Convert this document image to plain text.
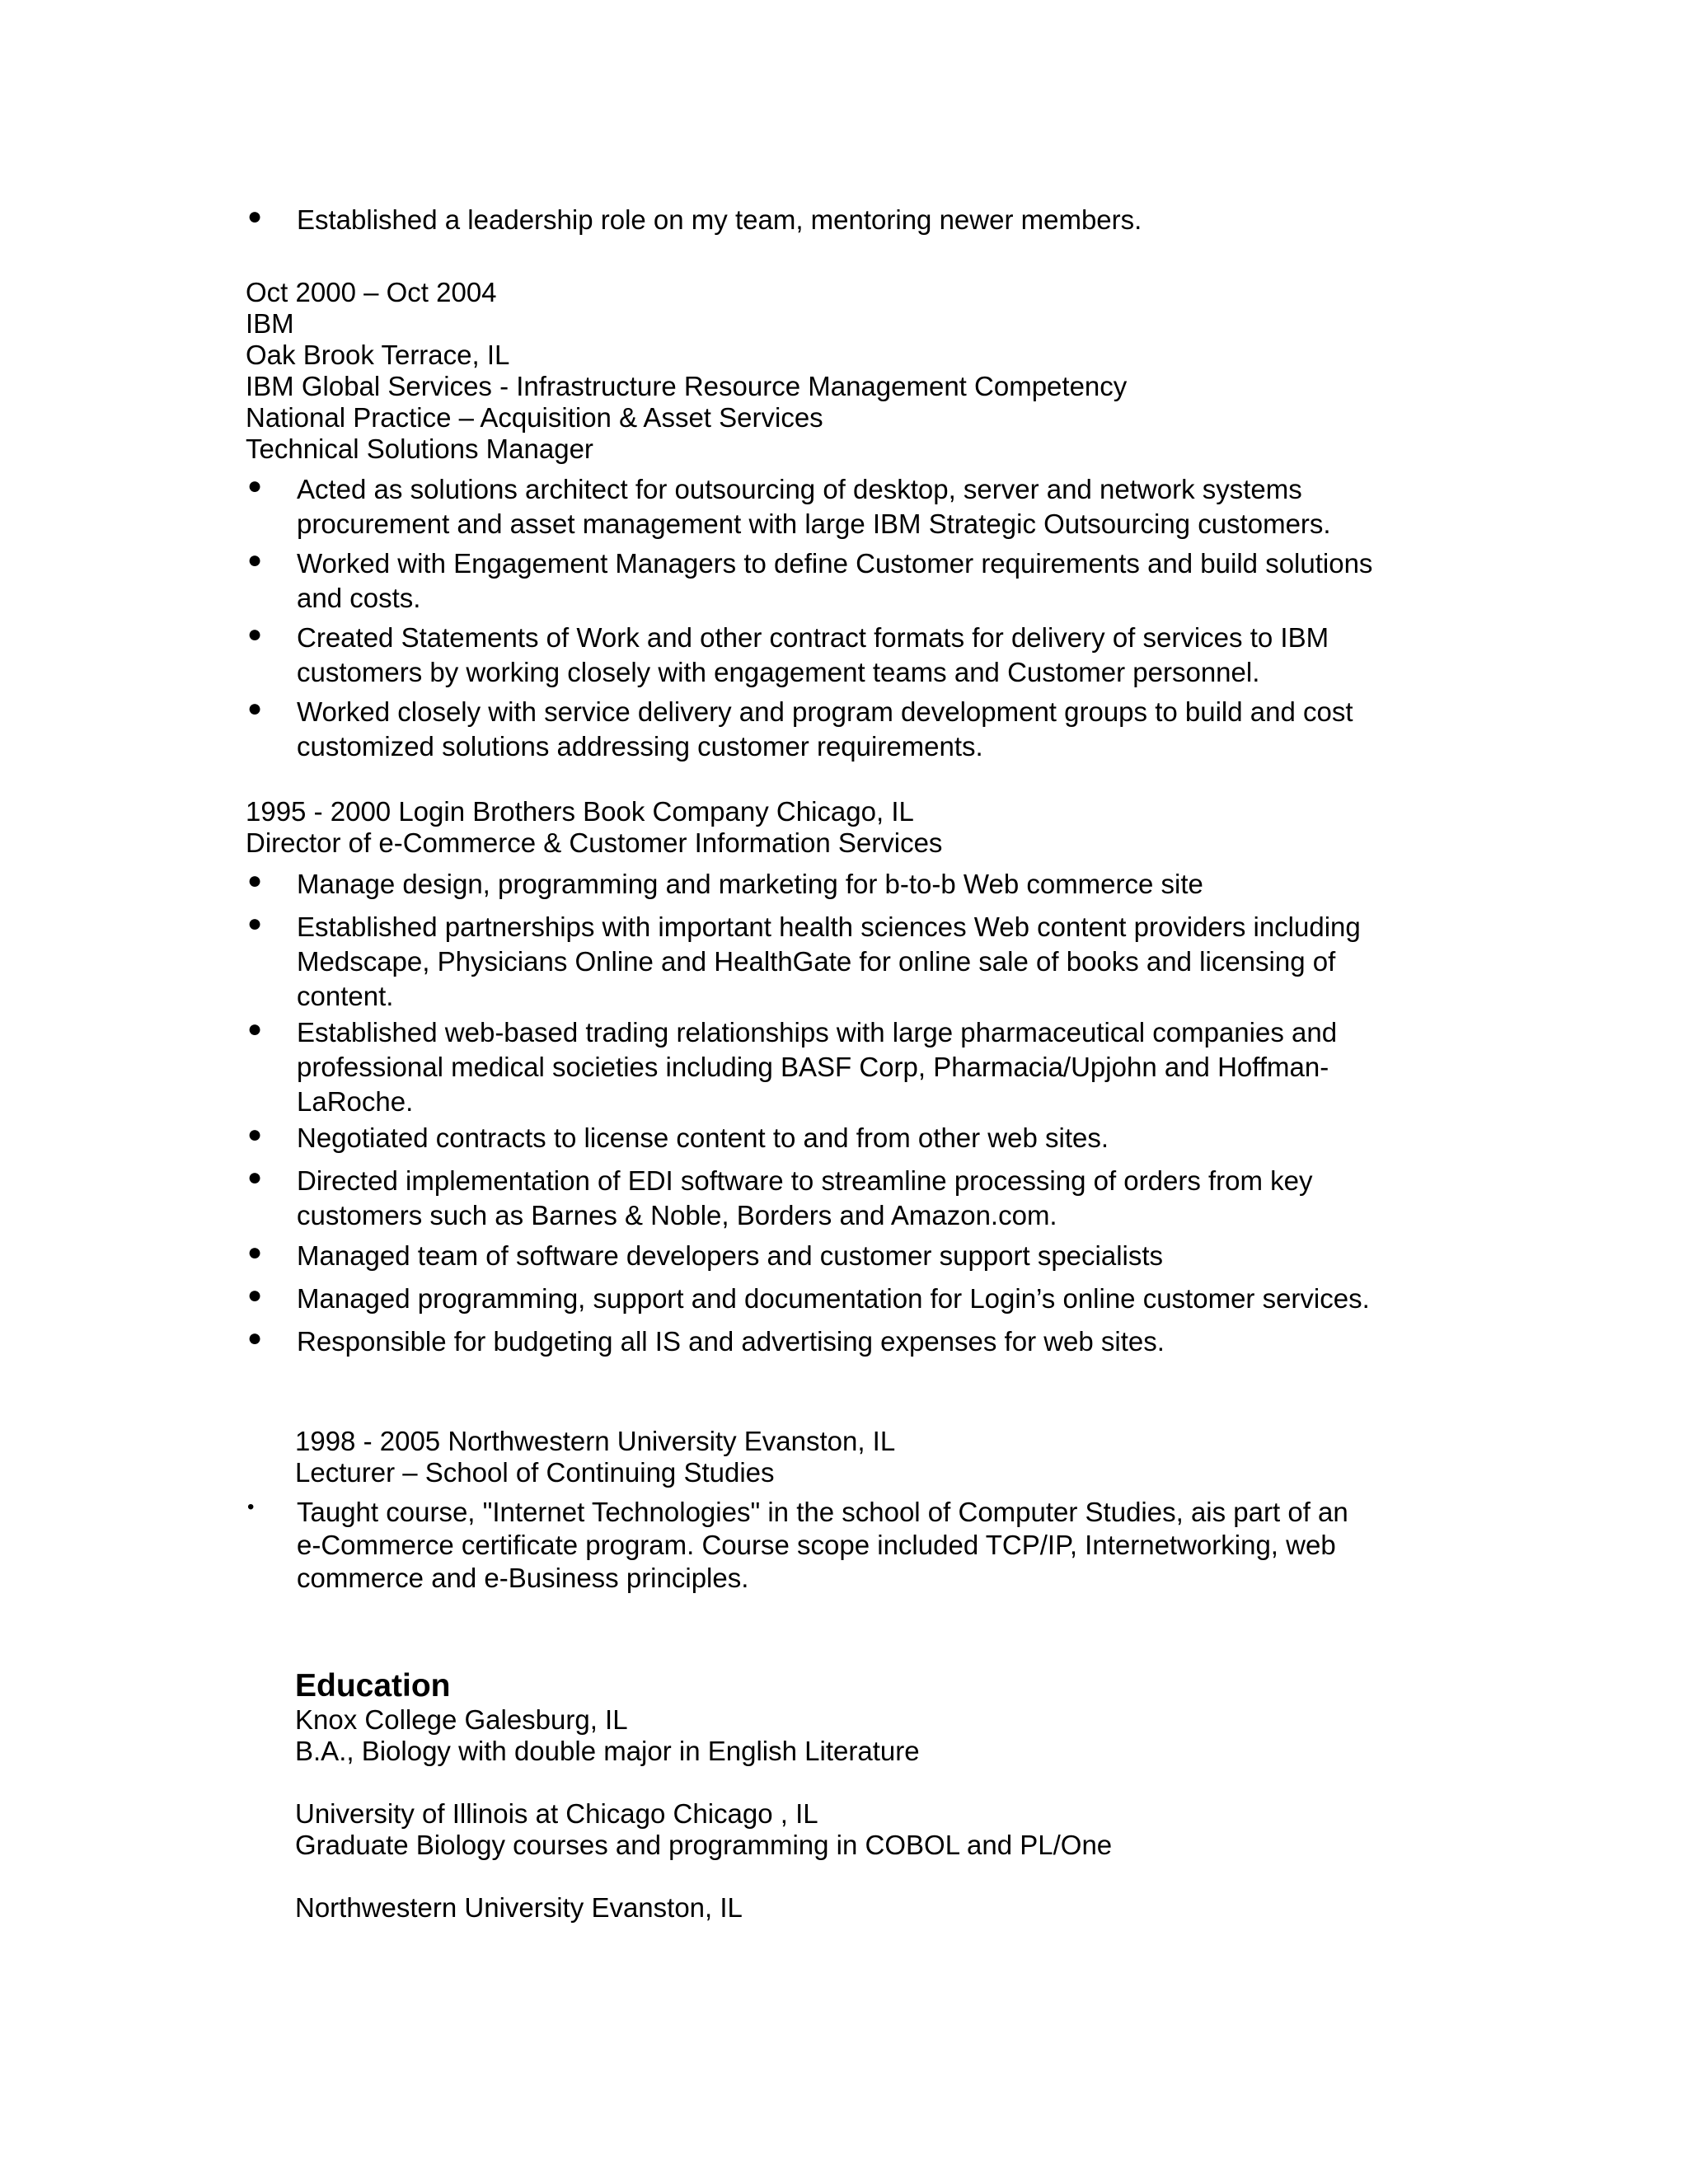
● Established a leadership role on my team, mentoring newer members.
Oct 2000 – Oct 2004
IBM
Oak Brook Terrace, IL
IBM Global Services - Infrastructure Resource Management Competency
National Practice – Acquisition & Asset Services
Technical Solutions Manager
● Acted as solutions architect for outsourcing of desktop, server and network systems
procurement and asset management with large IBM Strategic Outsourcing customers.
● Worked with Engagement Managers to define Customer requirements and build solutions
and costs.
● Created Statements of Work and other contract formats for delivery of services to IBM
customers by working closely with engagement teams and Customer personnel.
● Worked closely with service delivery and program development groups to build and cost
customized solutions addressing customer requirements.
1995 - 2000 Login Brothers Book Company Chicago, IL
Director of e-Commerce & Customer Information Services
● Manage design, programming and marketing for b-to-b Web commerce site
● Established partnerships with important health sciences Web content providers including
Medscape, Physicians Online and HealthGate for online sale of books and licensing of
content.
● Established web-based trading relationships with large pharmaceutical companies and
professional medical societies including BASF Corp, Pharmacia/Upjohn and Hoffman-
LaRoche.
● Negotiated contracts to license content to and from other web sites.
● Directed implementation of EDI software to streamline processing of orders from key
customers such as Barnes & Noble, Borders and Amazon.com.
● Managed team of software developers and customer support specialists
● Managed programming, support and documentation for Login’s online customer services.
● Responsible for budgeting all IS and advertising expenses for web sites.
1998 - 2005 Northwestern University Evanston, IL
Lecturer – School of Continuing Studies
• Taught course, "Internet Technologies" in the school of Computer Studies, ais part of an
e-Commerce certificate program. Course scope included TCP/IP, Internetworking, web
commerce and e-Business principles.
Education
Knox College Galesburg, IL
B.A., Biology with double major in English Literature
University of Illinois at Chicago Chicago , IL
Graduate Biology courses and programming in COBOL and PL/One
Northwestern University Evanston, IL
